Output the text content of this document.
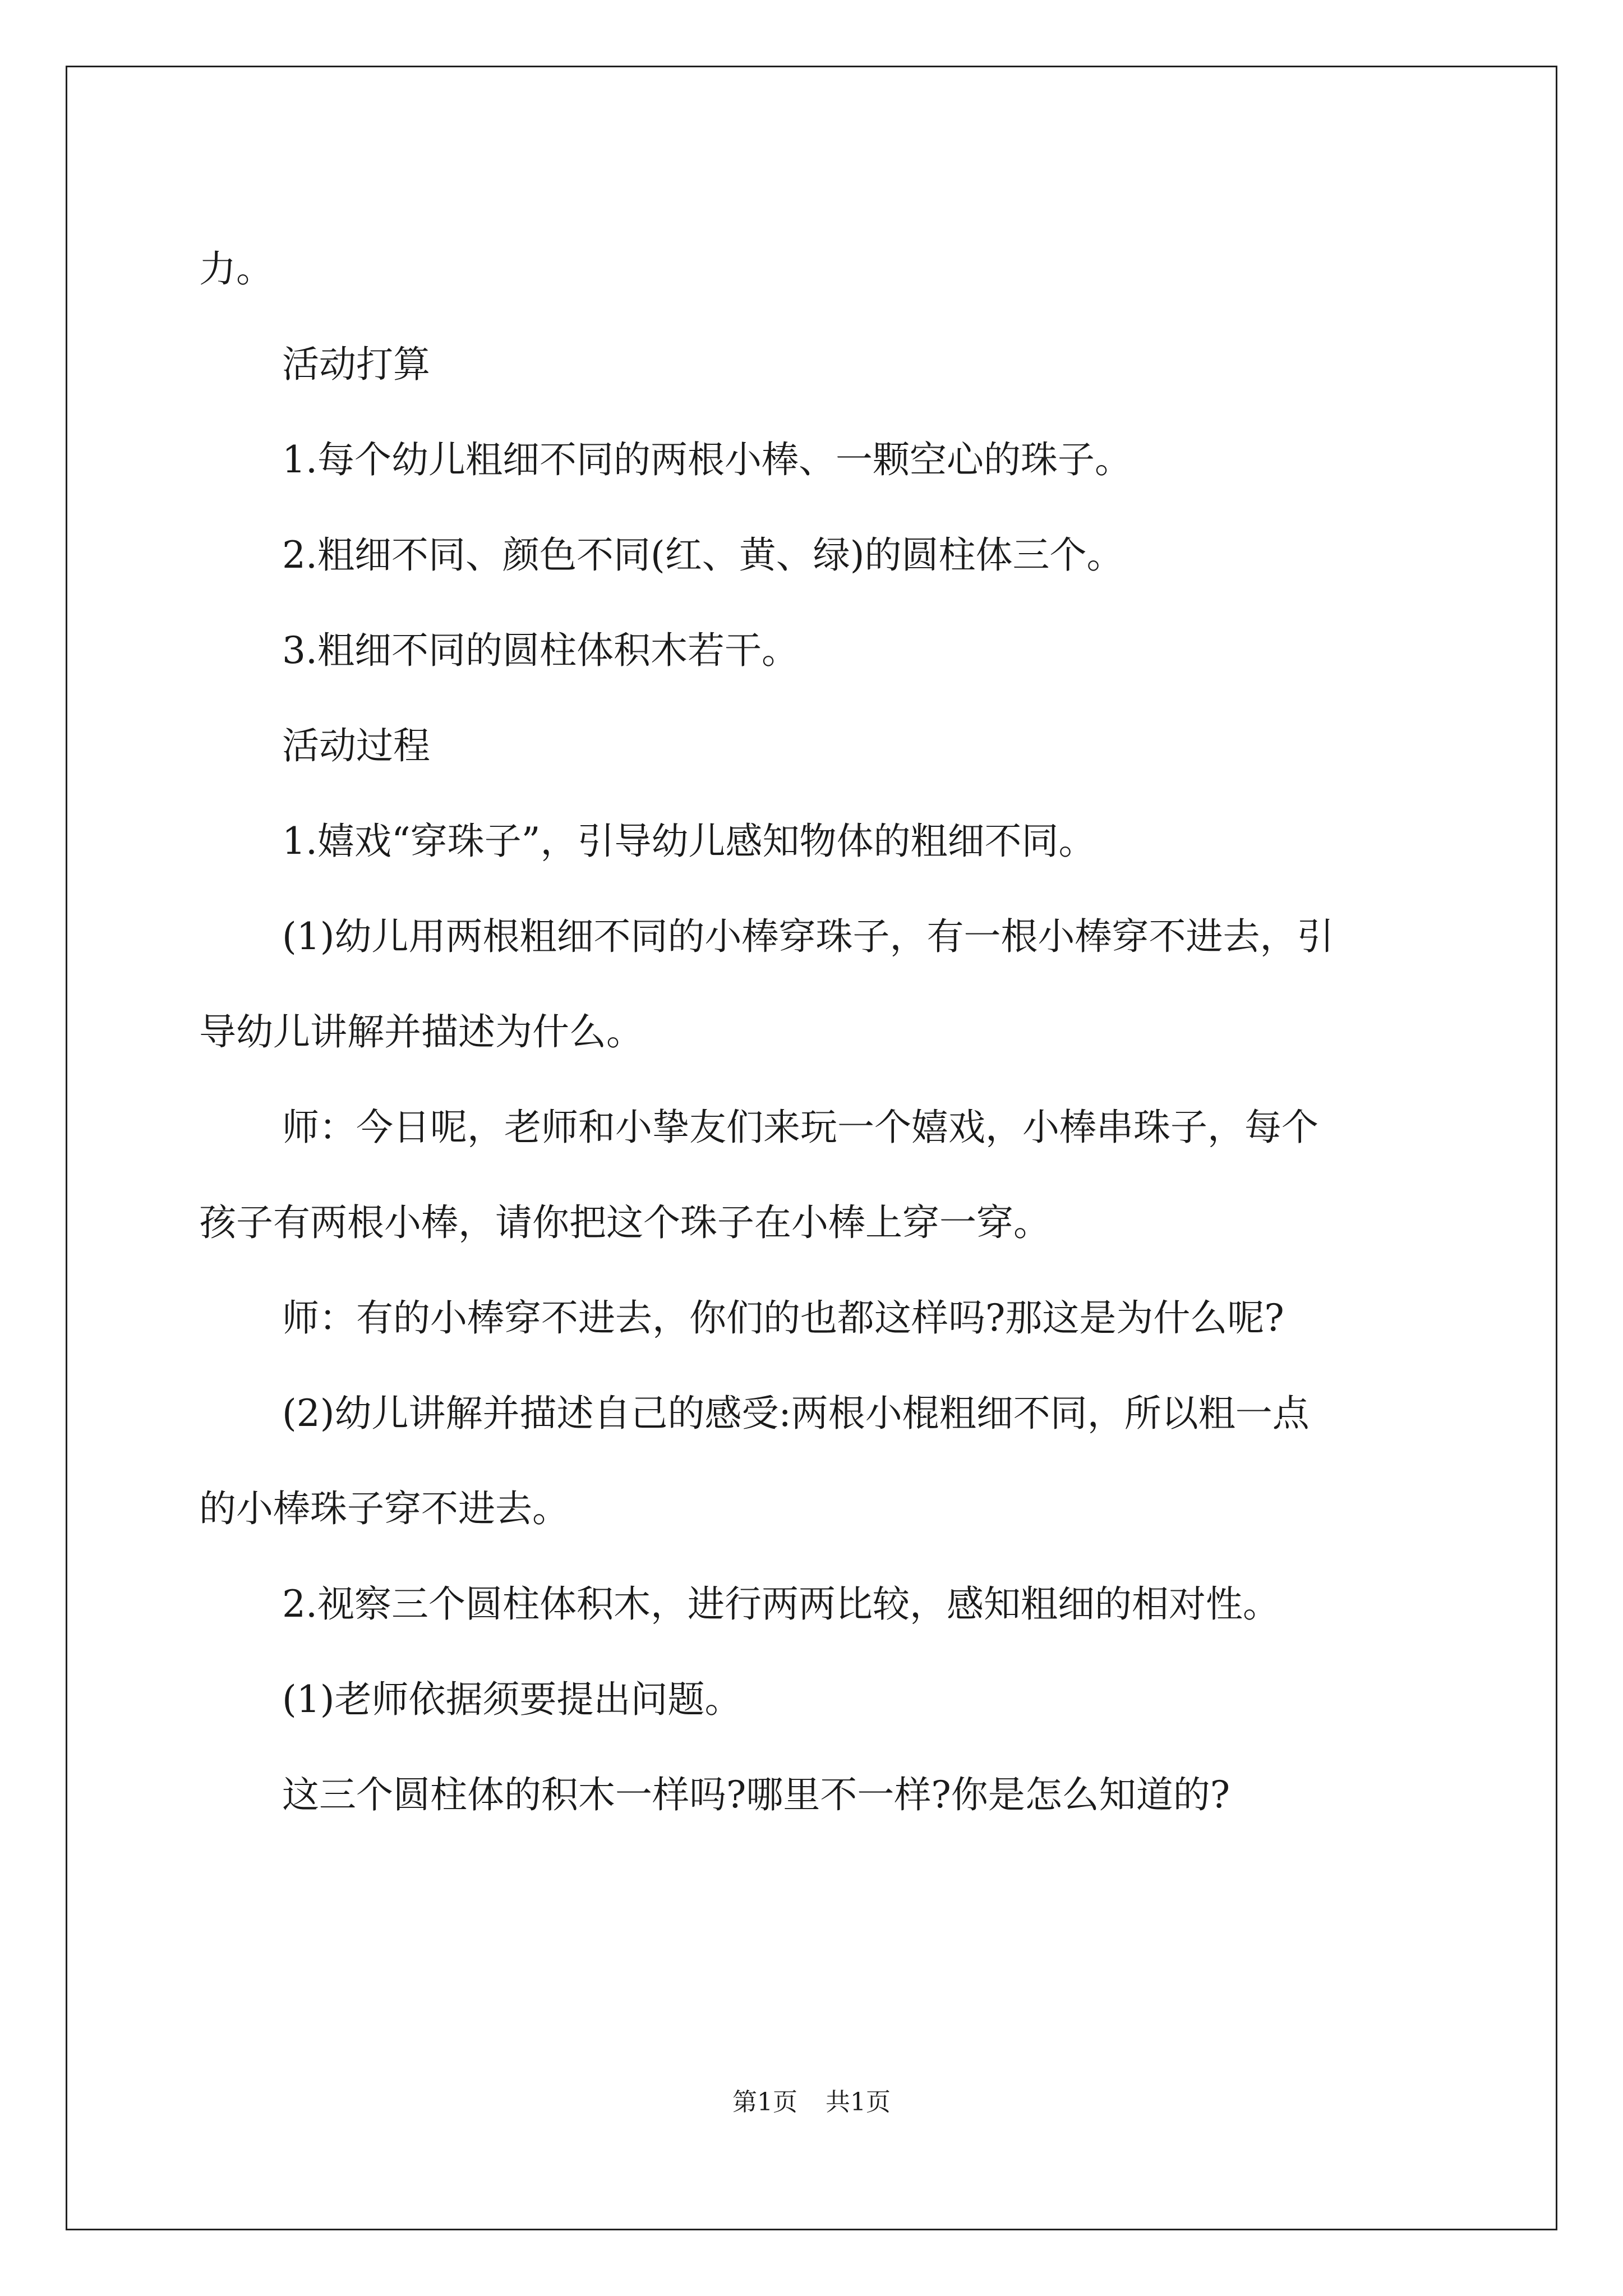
力。

活动打算

1.每个幼儿粗细不同的两根小棒、一颗空心的珠子。

2.粗细不同、颜色不同(红、黄、绿)的圆柱体三个。

3.粗细不同的圆柱体积木若干。

活动过程

1.嬉戏“穿珠子”，引导幼儿感知物体的粗细不同。

(1)幼儿用两根粗细不同的小棒穿珠子，有一根小棒穿不进去，引

导幼儿讲解并描述为什么。

师：今日呢，老师和小挚友们来玩一个嬉戏，小棒串珠子，每个

孩子有两根小棒，请你把这个珠子在小棒上穿一穿。

师：有的小棒穿不进去，你们的也都这样吗?那这是为什么呢?

(2)幼儿讲解并描述自己的感受:两根小棍粗细不同，所以粗一点

的小棒珠子穿不进去。

2.视察三个圆柱体积木，进行两两比较，感知粗细的相对性。

(1)老师依据须要提出问题。

这三个圆柱体的积木一样吗?哪里不一样?你是怎么知道的?

第1页 共1页
